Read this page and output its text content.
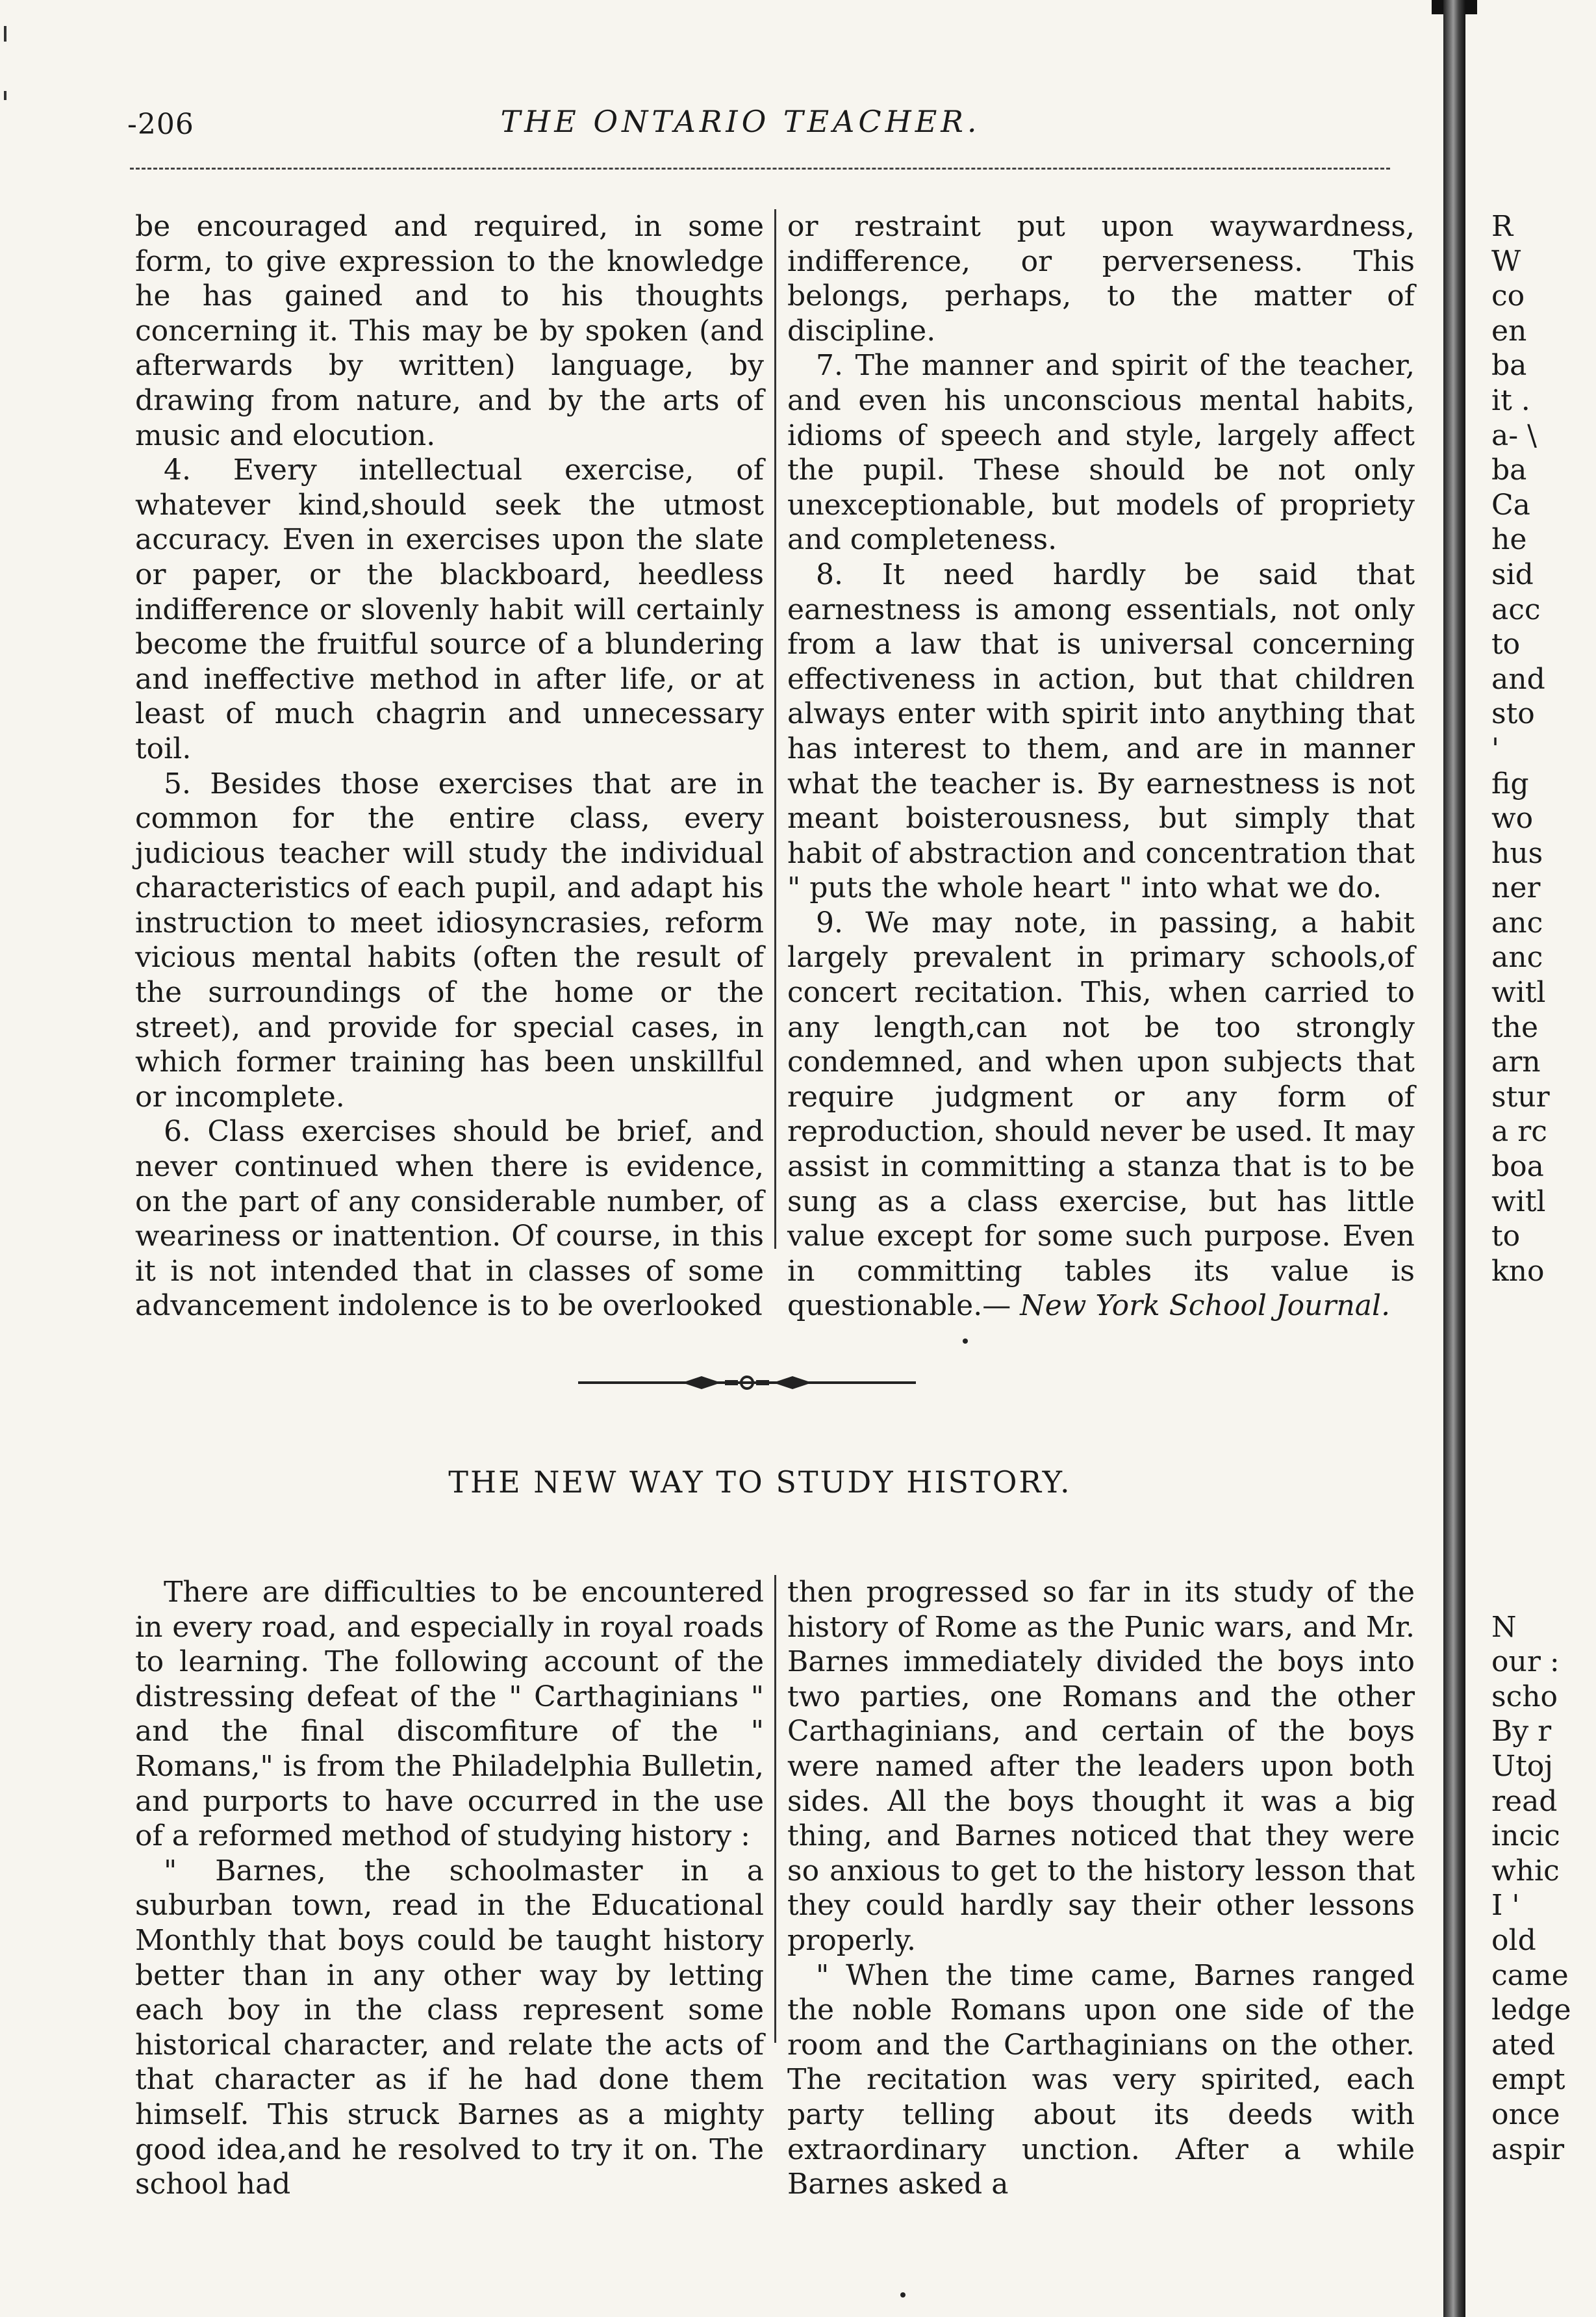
-206	THE ONTARIO TEACHER.

be encouraged and required, in some form, to give expression to the knowledge he has gained and to his thoughts concerning it. This may be by spoken (and afterwards by written) language, by drawing from nature, and by the arts of music and elocution.

4. Every intellectual exercise, of whatever kind,should seek the utmost accuracy. Even in exercises upon the slate or paper, or the blackboard, heedless indifference or slovenly habit will certainly become the fruitful source of a blundering and ineffective method in after life, or at least of much chagrin and unnecessary toil.

5. Besides those exercises that are in common for the entire class, every judicious teacher will study the individual characteristics of each pupil, and adapt his instruction to meet idiosyncrasies, reform vicious mental habits (often the result of the surroundings of the home or the street), and provide for special cases, in which former training has been unskillful or incomplete.

6. Class exercises should be brief, and never continued when there is evidence, on the part of any considerable number, of weariness or inattention. Of course, in this it is not intended that in classes of some advancement indolence is to be overlooked

or restraint put upon waywardness, indifference, or perverseness. This belongs, perhaps, to the matter of discipline.

7. The manner and spirit of the teacher, and even his unconscious mental habits, idioms of speech and style, largely affect the pupil. These should be not only unexceptionable, but models of propriety and completeness.

8. It need hardly be said that earnestness is among essentials, not only from a law that is universal concerning effectiveness in action, but that children always enter with spirit into anything that has interest to them, and are in manner what the teacher is. By earnestness is not meant boisterousness, but simply that habit of abstraction and concentration that " puts the whole heart " into what we do.

9. We may note, in passing, a habit largely prevalent in primary schools,of concert recitation. This, when carried to any length,can not be too strongly condemned, and when upon subjects that require judgment or any form of reproduction, should never be used. It may assist in committing a stanza that is to be sung as a class exercise, but has little value except for some such purpose. Even in committing tables its value is questionable.— New York School Journal.

THE NEW WAY TO STUDY HISTORY.

There are difficulties to be encountered in every road, and especially in royal roads to learning. The following account of the distressing defeat of the " Carthaginians " and the final discomfiture of the " Romans," is from the Philadelphia Bulletin, and purports to have occurred in the use of a reformed method of studying history :

" Barnes, the schoolmaster in a suburban town, read in the Educational Monthly that boys could be taught history better than in any other way by letting each boy in the class represent some historical character, and relate the acts of that character as if he had done them himself. This struck Barnes as a mighty good idea,and he resolved to try it on. The school had

then progressed so far in its study of the history of Rome as the Punic wars, and Mr. Barnes immediately divided the boys into two parties, one Romans and the other Carthaginians, and certain of the boys were named after the leaders upon both sides. All the boys thought it was a big thing, and Barnes noticed that they were so anxious to get to the history lesson that they could hardly say their other lessons properly.

" When the time came, Barnes ranged the noble Romans upon one side of the room and the Carthaginians on the other. The recitation was very spirited, each party telling about its deeds with extraordinary unction. After a while Barnes asked a

R
W
co
en
ba
it .
a- \
ba
Ca
he
sid
acc
to
and
sto
'
fig
wo
hus
ner
anc
anc
witl
the
arn
stur
a rc
boa
witl
to
kno

N
our :
scho
By r
Utoj
read
incic
whic
I '
old
came
ledge
ated
empt
once
aspir
